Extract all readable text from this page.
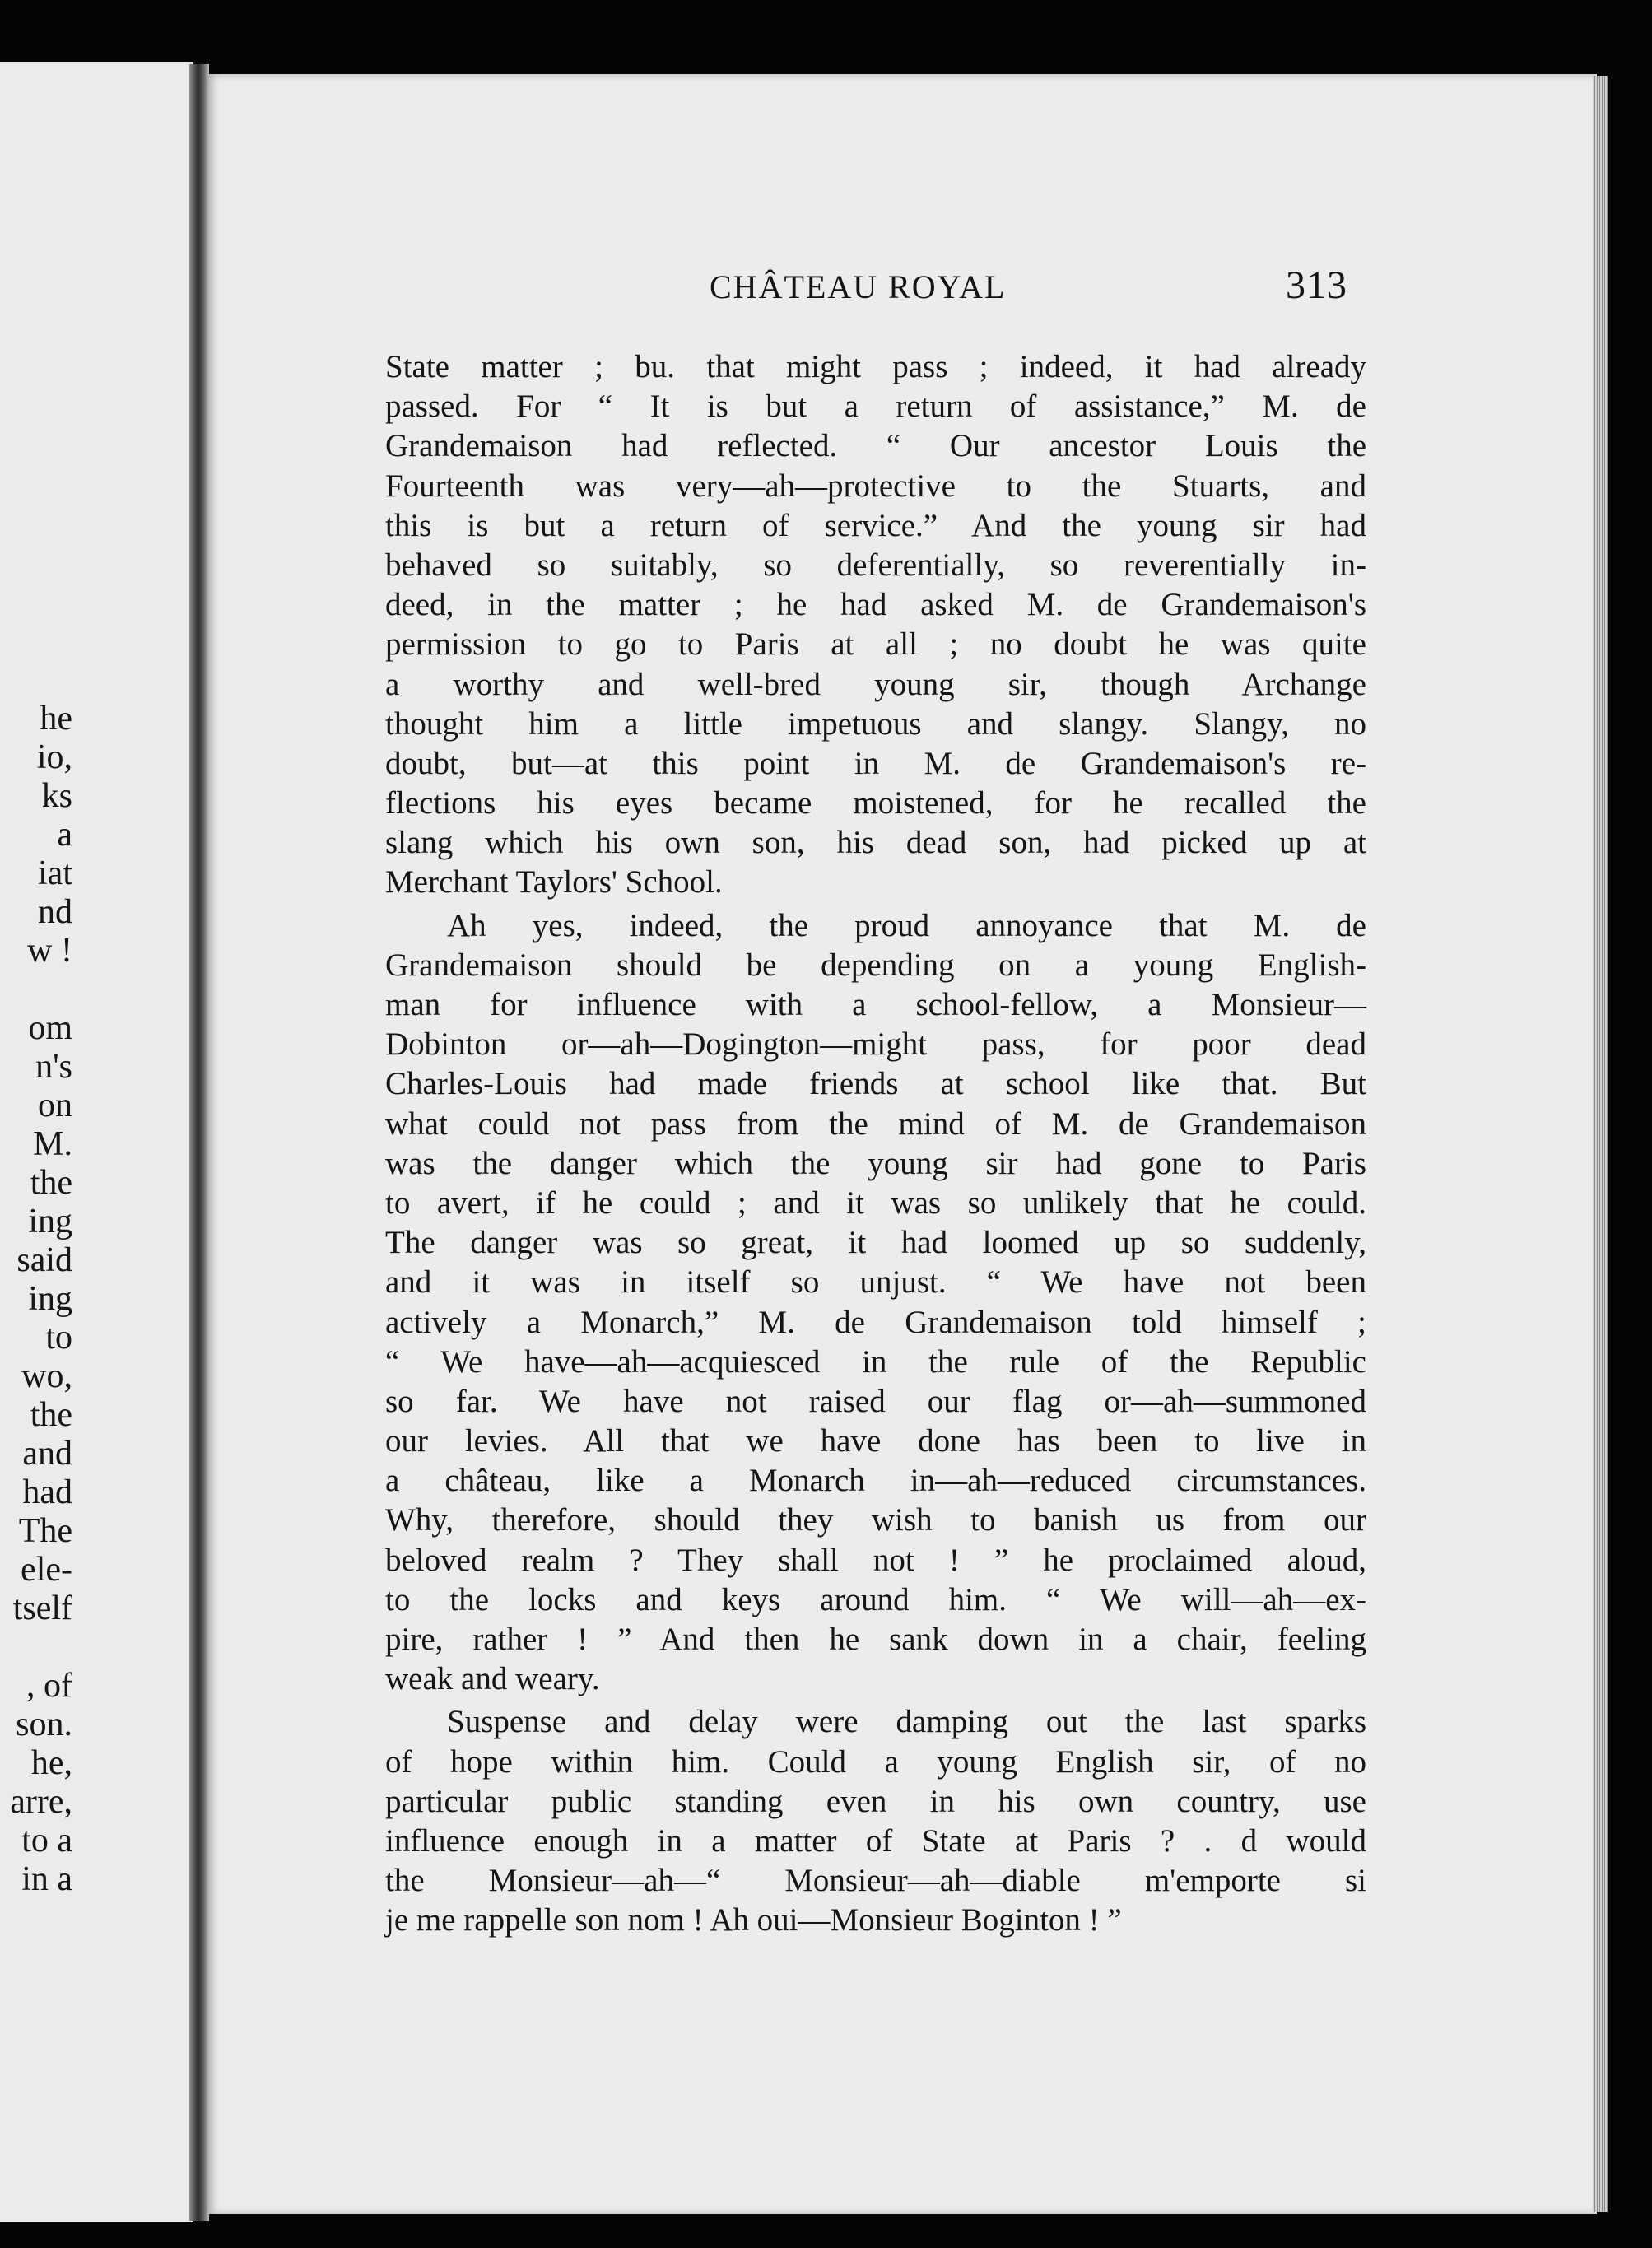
he
io,
ks
a
iat
nd
w !
om
n's
on
M.
the
ing
said
ing
to
wo,
the
and
had
The
ele-
tself
, of
son.
he,
arre,
to a
in a
CHÂTEAU ROYAL	313
State matter ; bu. that might pass ; indeed, it had already
passed. For “ It is but a return of assistance,” M. de
Grandemaison had reflected. “ Our ancestor Louis the
Fourteenth was very—ah—protective to the Stuarts, and
this is but a return of service.” And the young sir had
behaved so suitably, so deferentially, so reverentially in-
deed, in the matter ; he had asked M. de Grandemaison's
permission to go to Paris at all ; no doubt he was quite
a worthy and well-bred young sir, though Archange
thought him a little impetuous and slangy. Slangy, no
doubt, but—at this point in M. de Grandemaison's re-
flections his eyes became moistened, for he recalled the
slang which his own son, his dead son, had picked up at
Merchant Taylors' School.
Ah yes, indeed, the proud annoyance that M. de
Grandemaison should be depending on a young English-
man for influence with a school-fellow, a Monsieur—
Dobinton or—ah—Dogington—might pass, for poor dead
Charles-Louis had made friends at school like that. But
what could not pass from the mind of M. de Grandemaison
was the danger which the young sir had gone to Paris
to avert, if he could ; and it was so unlikely that he could.
The danger was so great, it had loomed up so suddenly,
and it was in itself so unjust. “ We have not been
actively a Monarch,” M. de Grandemaison told himself ;
“ We have—ah—acquiesced in the rule of the Republic
so far. We have not raised our flag or—ah—summoned
our levies. All that we have done has been to live in
a château, like a Monarch in—ah—reduced circumstances.
Why, therefore, should they wish to banish us from our
beloved realm ? They shall not ! ” he proclaimed aloud,
to the locks and keys around him. “ We will—ah—ex-
pire, rather ! ” And then he sank down in a chair, feeling
weak and weary.
Suspense and delay were damping out the last sparks
of hope within him. Could a young English sir, of no
particular public standing even in his own country, use
influence enough in a matter of State at Paris ? . d would
the Monsieur—ah—“ Monsieur—ah—diable m'emporte si
je me rappelle son nom ! Ah oui—Monsieur Boginton ! ”
